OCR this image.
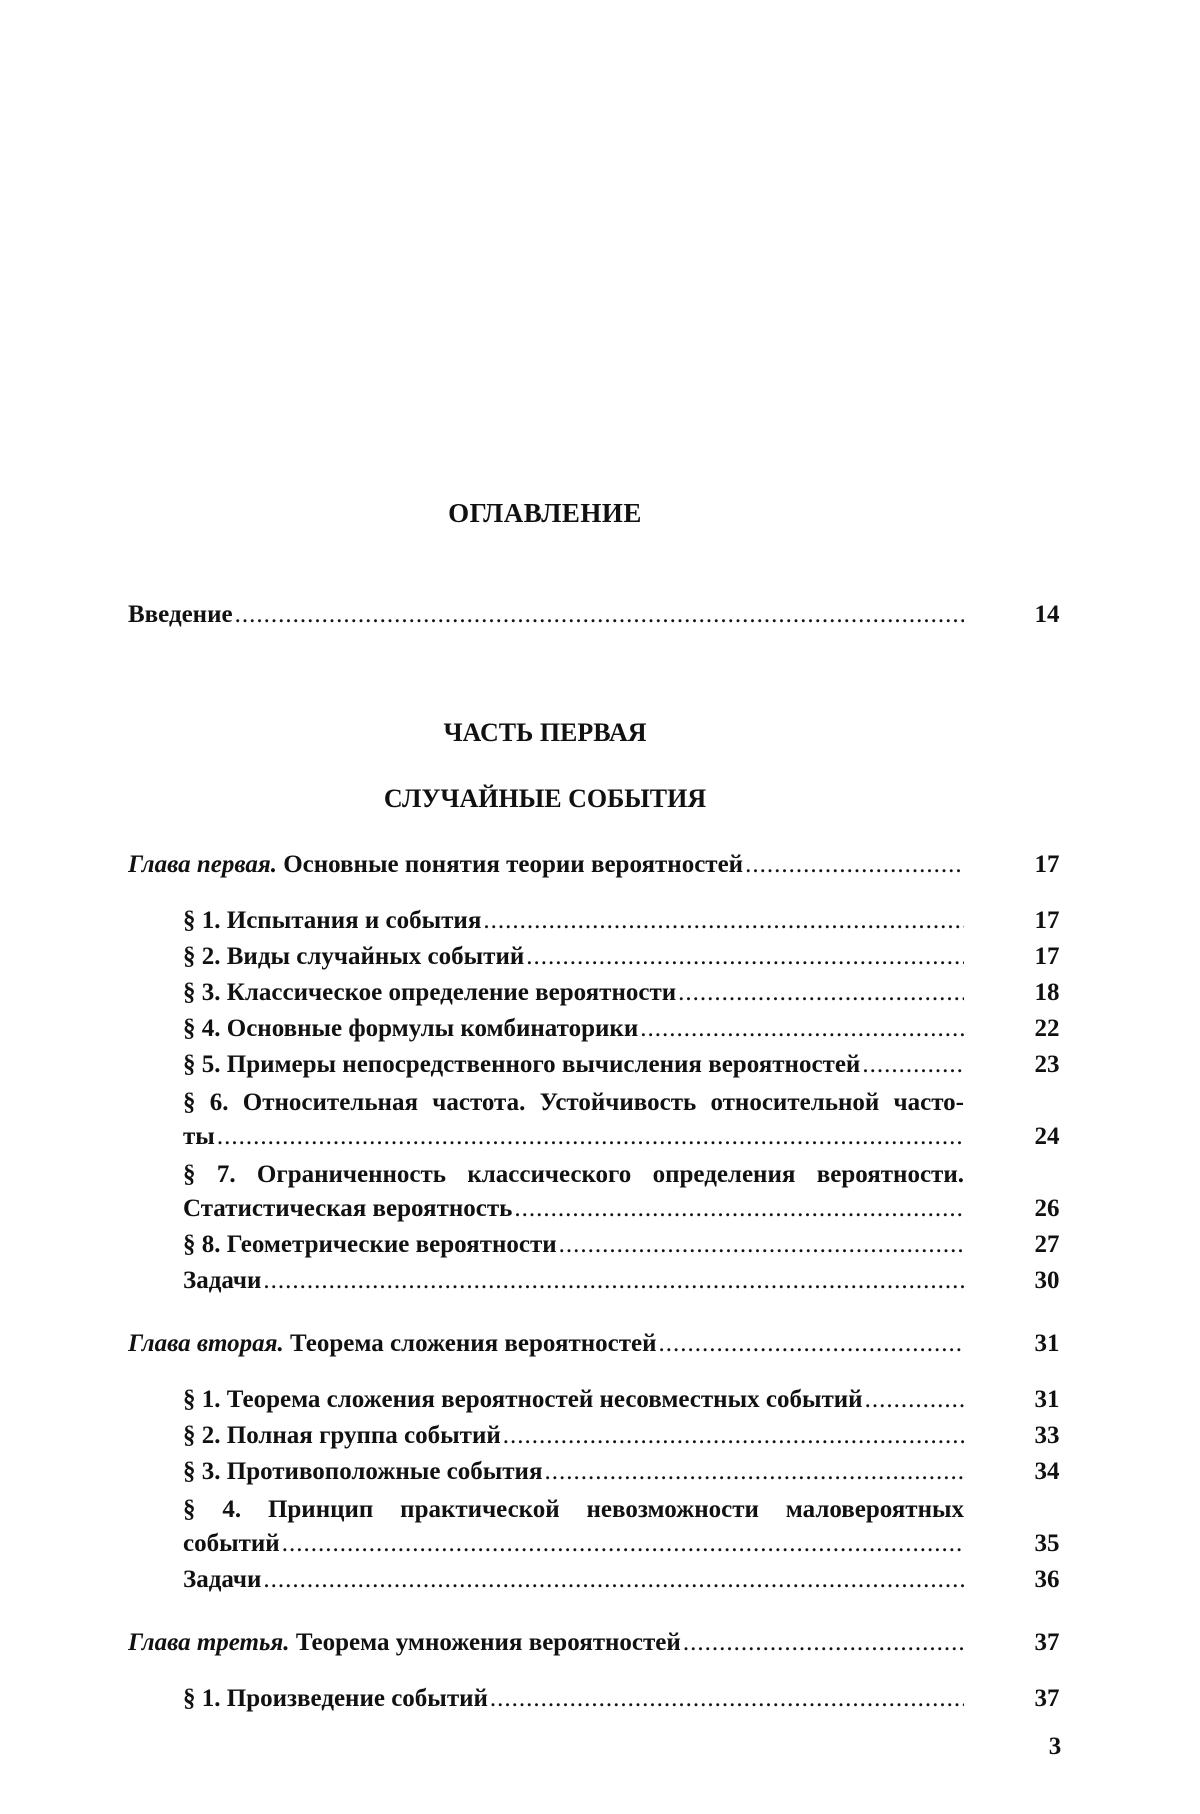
ОГЛАВЛЕНИЕ
Введение .....	14
ЧАСТЬ ПЕРВАЯ
СЛУЧАЙНЫЕ СОБЫТИЯ
Глава первая. Основные понятия теории вероятностей .....	17
§ 1. Испытания и события .....	17
§ 2. Виды случайных событий .....	17
§ 3. Классическое определение вероятности .....	18
§ 4. Основные формулы комбинаторики .....	22
§ 5. Примеры непосредственного вычисления вероятностей .....	23
§ 6. Относительная частота. Устойчивость относительной часто-
ты .....	24
§ 7. Ограниченность классического определения вероятности.
Статистическая вероятность .....	26
§ 8. Геометрические вероятности .....	27
Задачи .....	30
Глава вторая. Теорема сложения вероятностей .....	31
§ 1. Теорема сложения вероятностей несовместных событий .....	31
§ 2. Полная группа событий .....	33
§ 3. Противоположные события .....	34
§ 4. Принцип практической невозможности маловероятных
событий .....	35
Задачи .....	36
Глава третья. Теорема умножения вероятностей .....	37
§ 1. Произведение событий .....	37
3
